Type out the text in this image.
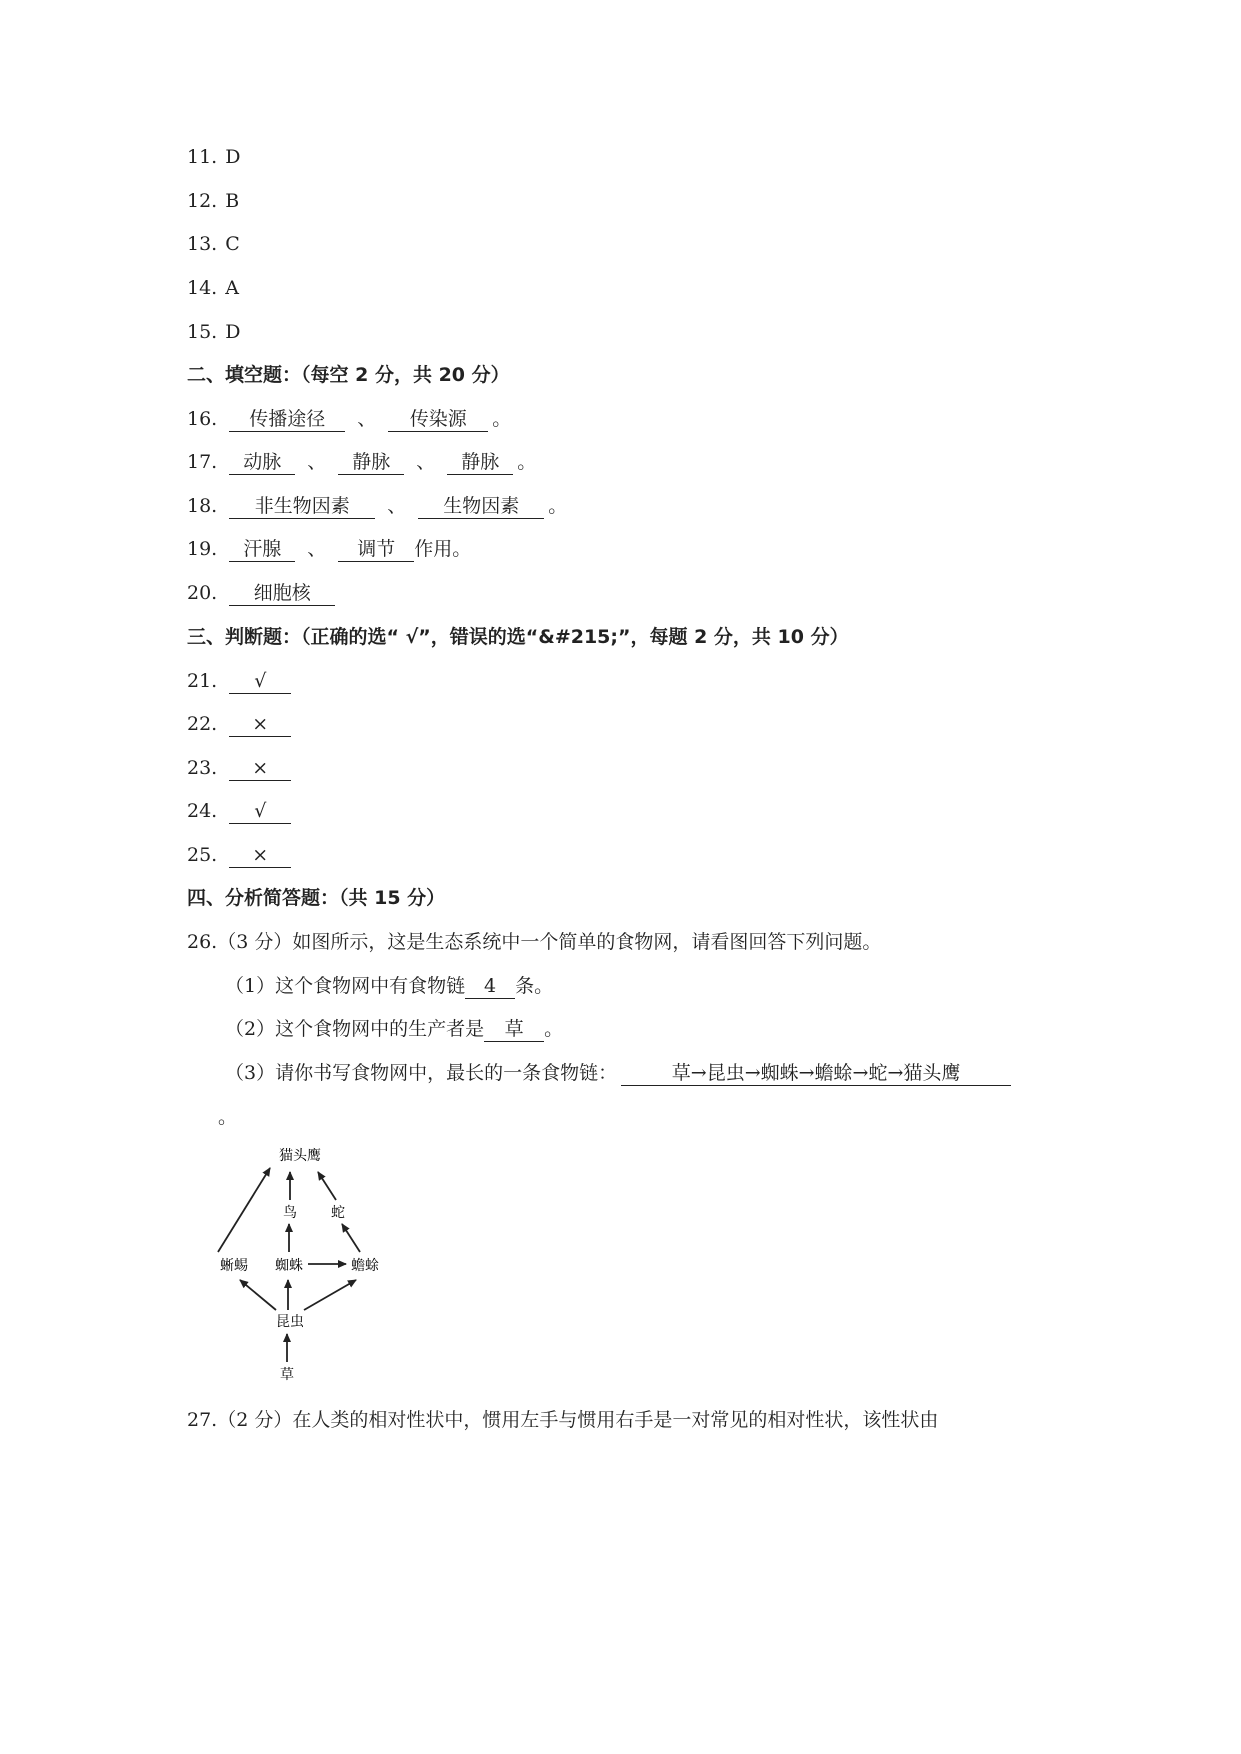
11. D
12. B
13. C
14. A
15. D
二、填空题：（每空 2 分，共 20 分）
16. 传播途径 、 传染源 。
17. 动脉 、 静脉 、 静脉 。
18. 非生物因素 、 生物因素 。
19. 汗腺 、 调节 作用。
20. 细胞核
三、判断题：（正确的选“ √”，错误的选“&#215;”，每题 2 分，共 10 分）
21. √
22. ×
23. ×
24. √
25. ×
四、分析简答题：（共 15 分）
26.（3 分）如图所示，这是生态系统中一个简单的食物网，请看图回答下列问题。
（1）这个食物网中有食物链 4 条。
（2）这个食物网中的生产者是 草 。
（3）请你书写食物网中，最长的一条食物链：	草→昆虫→蜘蛛→蟾蜍→蛇→猫头鹰
。
猫头鹰
鸟 蛇
蜥蜴 蜘蛛	蟾蜍
昆虫
草
27.（2 分）在人类的相对性状中，惯用左手与惯用右手是一对常见的相对性状，该性状由
